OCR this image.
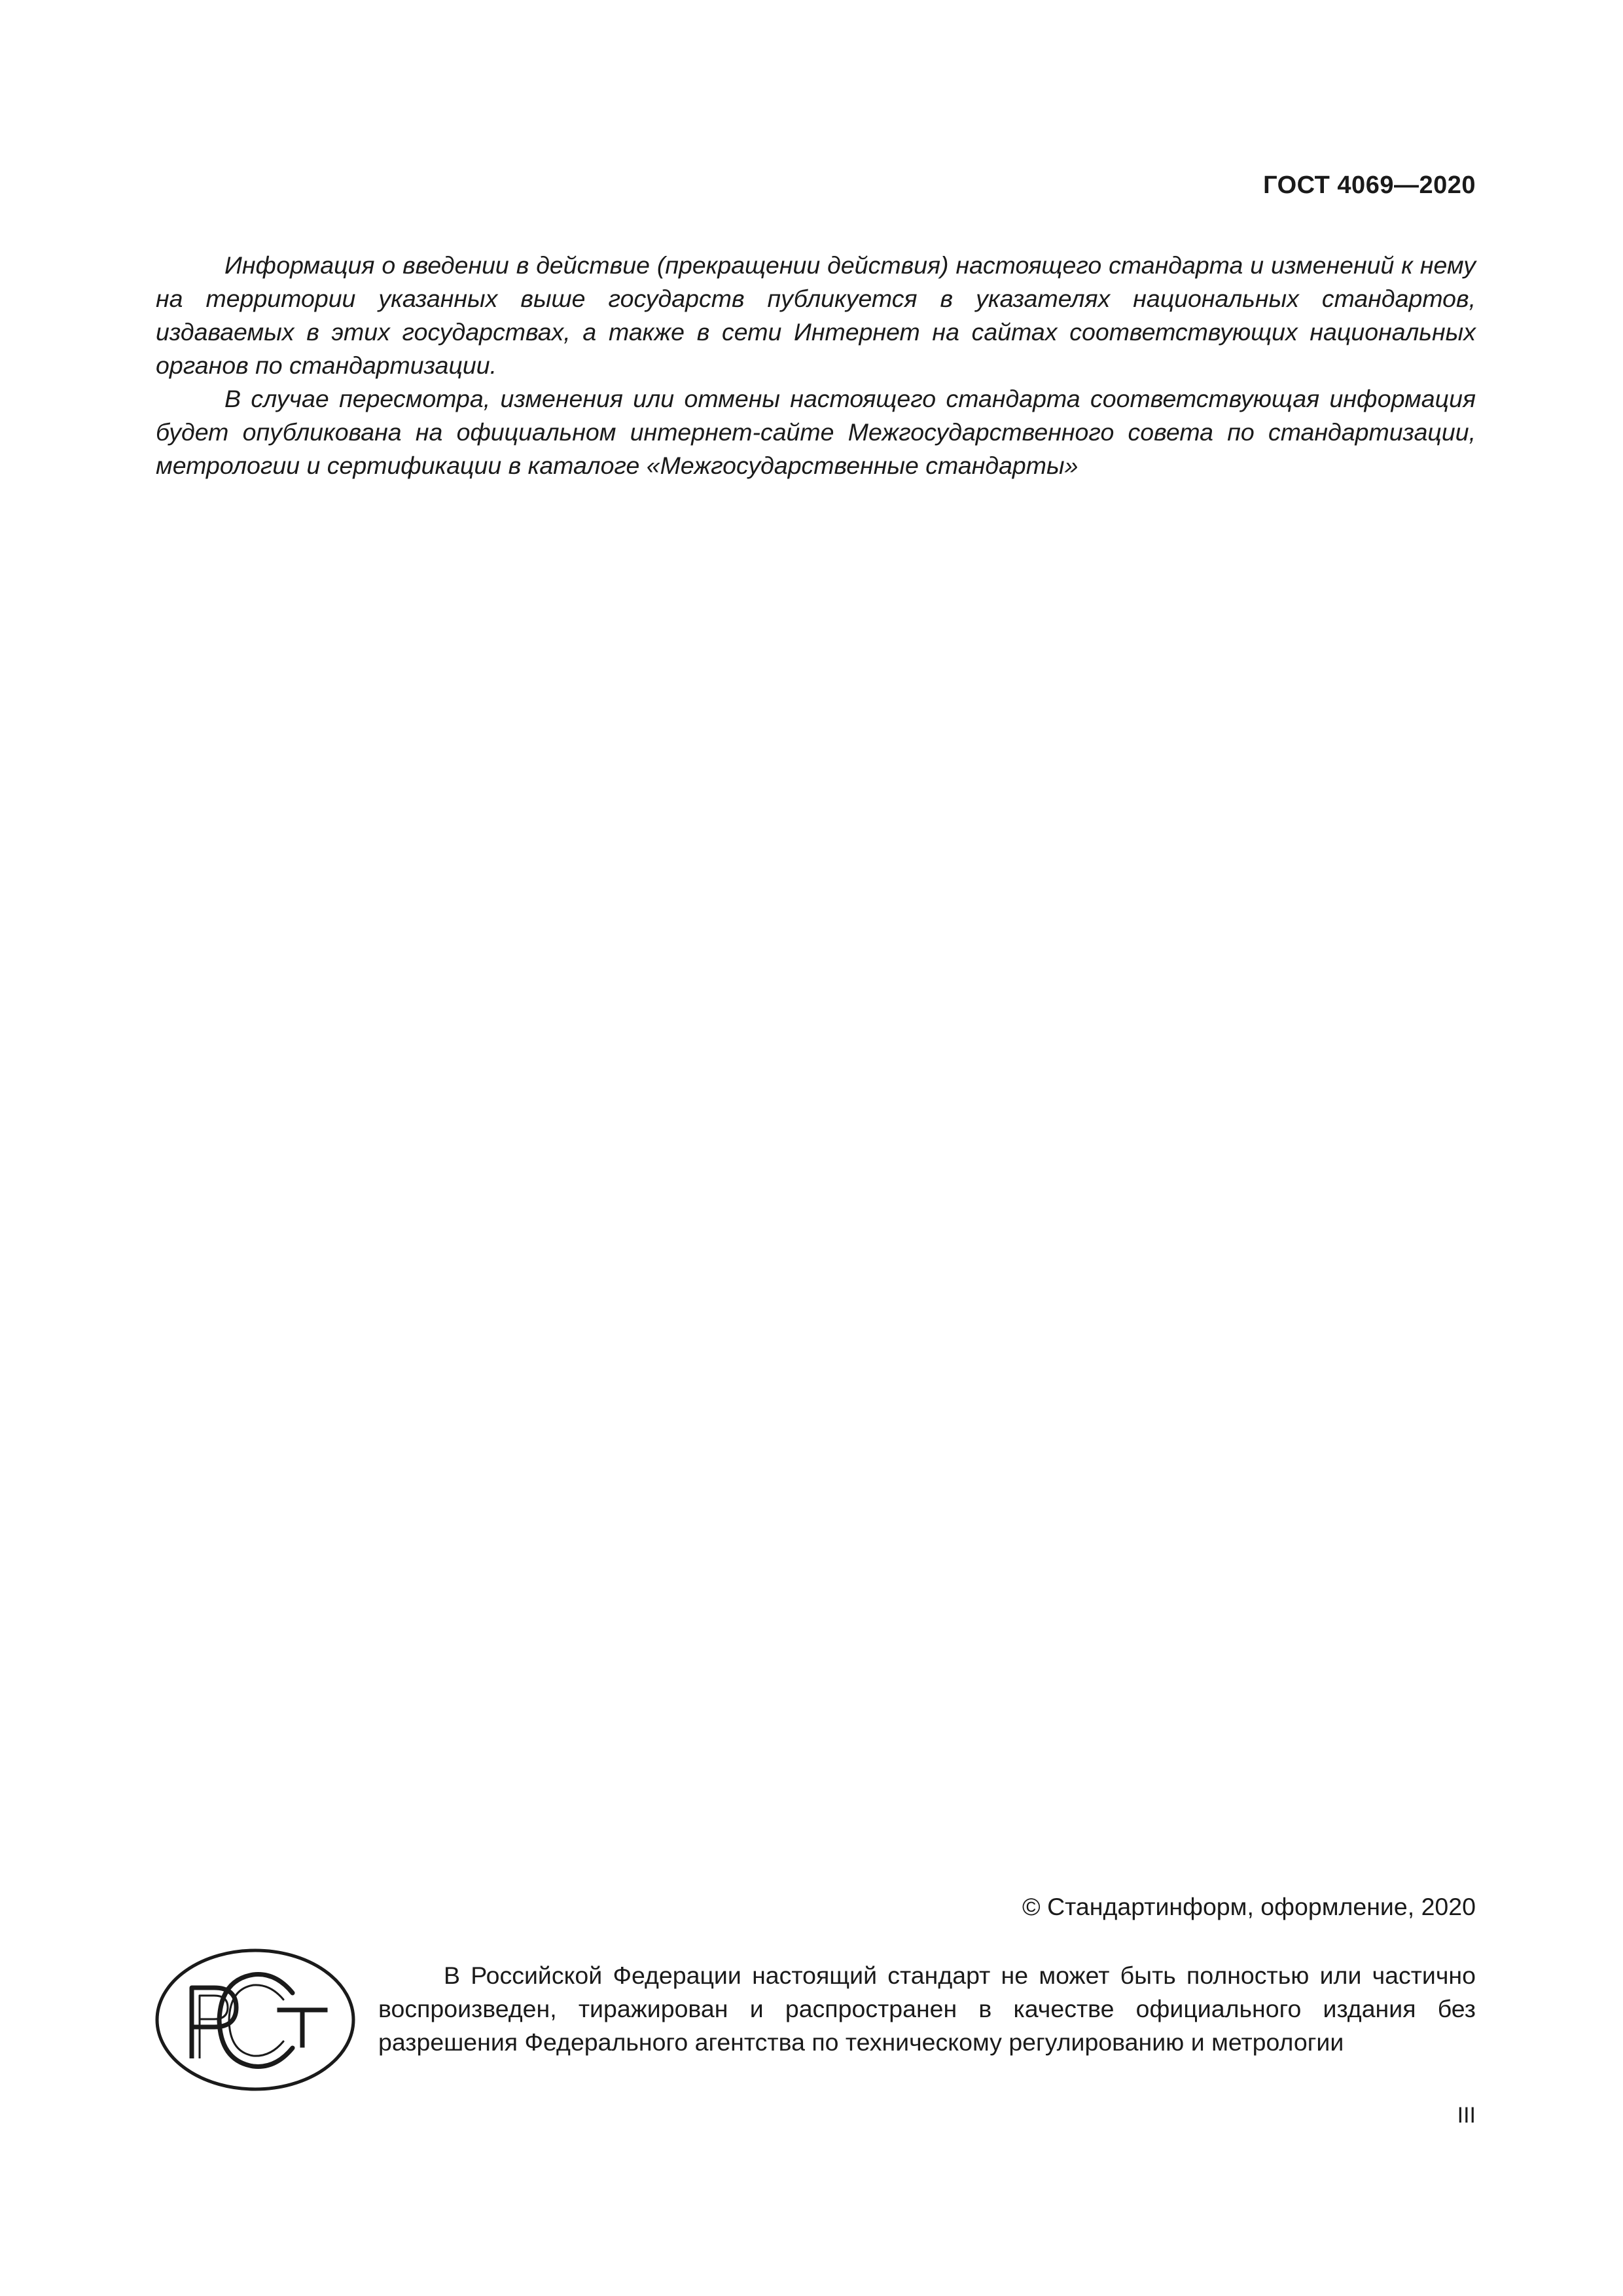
ГОСТ 4069—2020

Информация о введении в действие (прекращении действия) настоящего стандарта и изменений к нему на территории указанных выше государств публикуется в указателях национальных стандартов, издаваемых в этих государствах, а также в сети Интернет на сайтах соответствующих национальных органов по стандартизации.

В случае пересмотра, изменения или отмены настоящего стандарта соответствующая информация будет опубликована на официальном интернет-сайте Межгосударственного совета по стандартизации, метрологии и сертификации в каталоге «Межгосударственные стандарты»

© Стандартинформ, оформление, 2020

В Российской Федерации настоящий стандарт не может быть полностью или частично воспроизведен, тиражирован и распространен в качестве официального издания без разрешения Федерального агентства по техническому регулированию и метрологии

III
